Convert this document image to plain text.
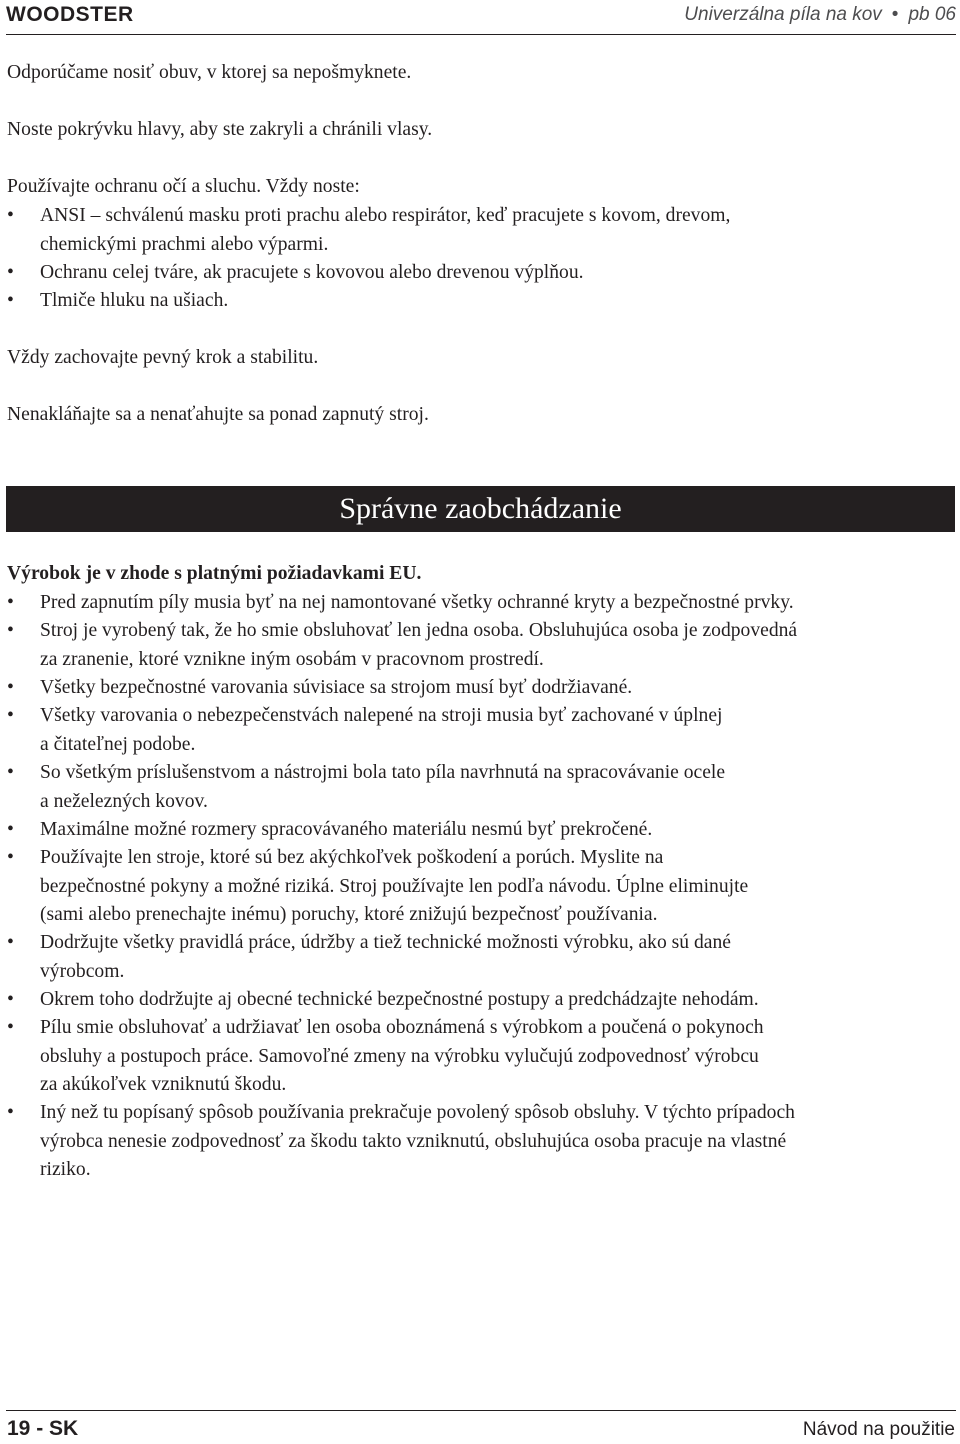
WOODSTER	Univerzálna píla na kov • pb 06
Odporúčame nosiť obuv, v ktorej sa nepošmyknete.
Noste pokrývku hlavy, aby ste zakryli a chránili vlasy.
Používajte ochranu očí a sluchu. Vždy noste:
• ANSI – schválenú masku proti prachu alebo respirátor, keď pracujete s kovom, drevom,
chemickými prachmi alebo výparmi.
• Ochranu celej tváre, ak pracujete s kovovou alebo drevenou výplňou.
• Tlmiče hluku na ušiach.
Vždy zachovajte pevný krok a stabilitu.
Nenakláňajte sa a nenaťahujte sa ponad zapnutý stroj.
Správne zaobchádzanie
Výrobok je v zhode s platnými požiadavkami EU.
• Pred zapnutím píly musia byť na nej namontované všetky ochranné kryty a bezpečnostné prvky.
• Stroj je vyrobený tak, že ho smie obsluhovať len jedna osoba. Obsluhujúca osoba je zodpovedná
za zranenie, ktoré vznikne iným osobám v pracovnom prostredí.
• Všetky bezpečnostné varovania súvisiace sa strojom musí byť dodržiavané.
• Všetky varovania o nebezpečenstvách nalepené na stroji musia byť zachované v úplnej
a čitateľnej podobe.
• So všetkým príslušenstvom a nástrojmi bola tato píla navrhnutá na spracovávanie ocele
a neželezných kovov.
• Maximálne možné rozmery spracovávaného materiálu nesmú byť prekročené.
• Používajte len stroje, ktoré sú bez akýchkoľvek poškodení a porúch. Myslite na
bezpečnostné pokyny a možné riziká. Stroj používajte len podľa návodu. Úplne eliminujte
(sami alebo prenechajte inému) poruchy, ktoré znižujú bezpečnosť používania.
• Dodržujte všetky pravidlá práce, údržby a tiež technické možnosti výrobku, ako sú dané
výrobcom.
• Okrem toho dodržujte aj obecné technické bezpečnostné postupy a predchádzajte nehodám.
• Pílu smie obsluhovať a udržiavať len osoba oboznámená s výrobkom a poučená o pokynoch
obsluhy a postupoch práce. Samovoľné zmeny na výrobku vylučujú zodpovednosť výrobcu
za akúkoľvek vzniknutú škodu.
• Iný než tu popísaný spôsob používania prekračuje povolený spôsob obsluhy. V týchto prípadoch
výrobca nenesie zodpovednosť za škodu takto vzniknutú, obsluhujúca osoba pracuje na vlastné
riziko.
19 - SK	Návod na použitie
